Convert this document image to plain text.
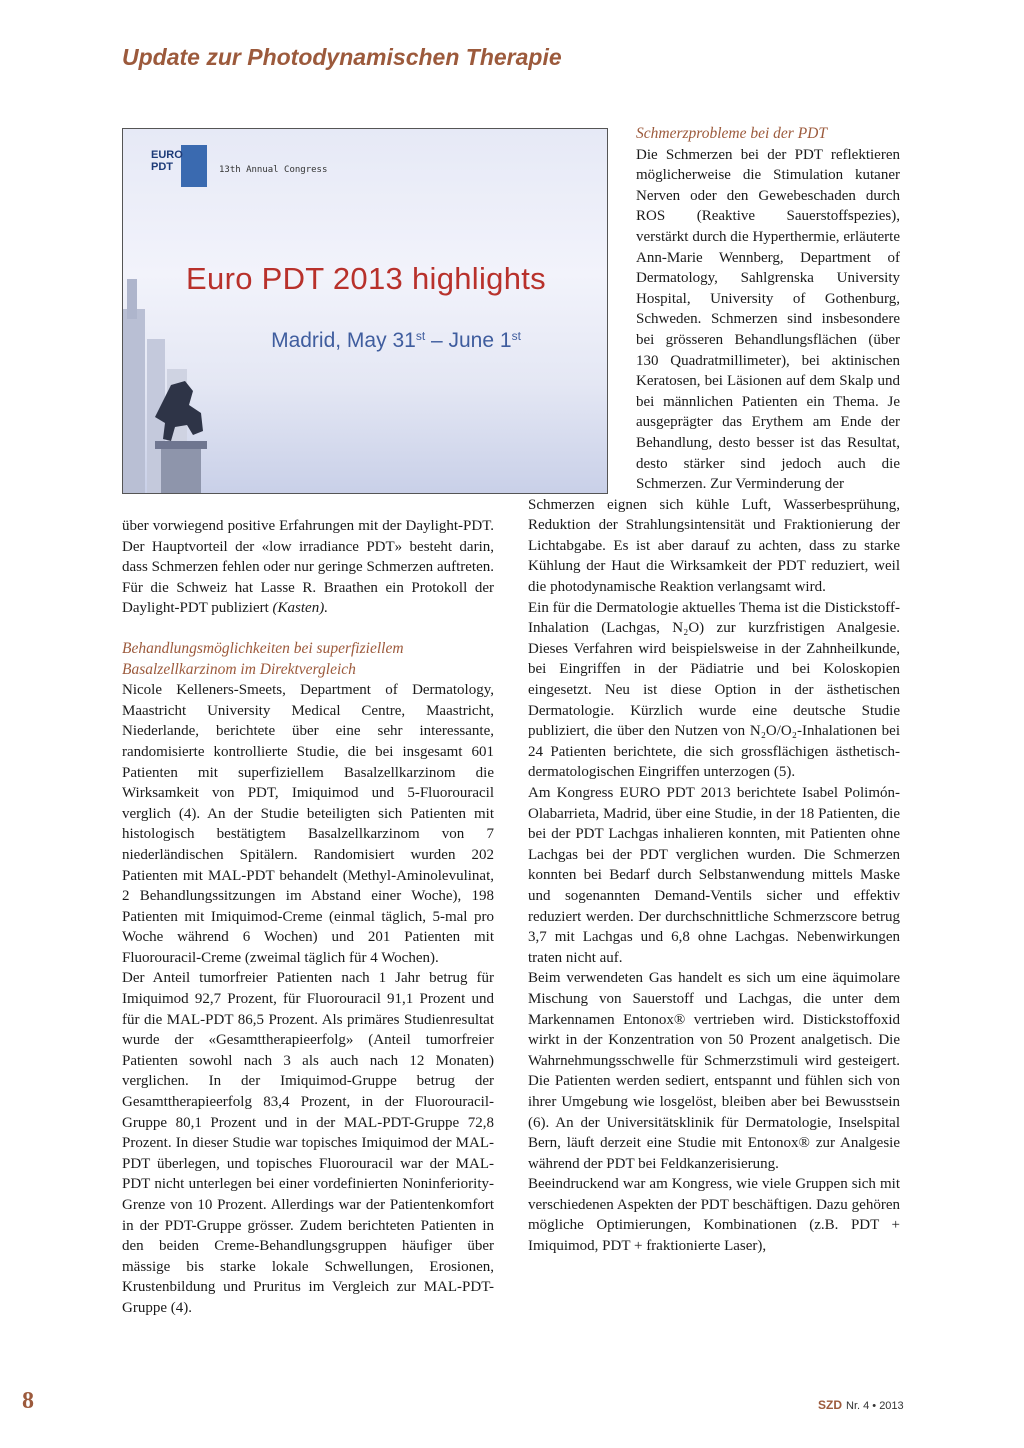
Update zur Photodynamischen Therapie
EURO
PDT	13th Annual Congress
Euro PDT 2013 highlights
Madrid, May 31st – June 1st
Schmerzprobleme bei der PDT

Die Schmerzen bei der PDT reflektieren möglicherweise die Stimulation kutaner Nerven oder den Gewebeschaden durch ROS (Reaktive Sauerstoffspezies), verstärkt durch die Hyperthermie, erläuterte Ann-Marie Wennberg, Department of Dermatology, Sahlgrenska University Hospital, University of Gothenburg, Schweden. Schmerzen sind insbesondere bei grösseren Behandlungsflächen (über 130 Quadratmillimeter), bei aktinischen Keratosen, bei Läsionen auf dem Skalp und bei männlichen Patienten ein Thema. Je ausgeprägter das Erythem am Ende der Behandlung, desto besser ist das Resultat, desto stärker sind jedoch auch die Schmerzen. Zur Verminderung der

Schmerzen eignen sich kühle Luft, Wasserbesprühung, Reduktion der Strahlungsintensität und Fraktionierung der Lichtabgabe. Es ist aber darauf zu achten, dass zu starke Kühlung der Haut die Wirksamkeit der PDT reduziert, weil die photodynamische Reaktion verlangsamt wird.

Ein für die Dermatologie aktuelles Thema ist die Distickstoff-Inhalation (Lachgas, N₂O) zur kurzfristigen Analgesie. Dieses Verfahren wird beispielsweise in der Zahnheilkunde, bei Eingriffen in der Pädiatrie und bei Koloskopien eingesetzt. Neu ist diese Option in der ästhetischen Dermatologie. Kürzlich wurde eine deutsche Studie publiziert, die über den Nutzen von N₂O/O₂-Inhalationen bei 24 Patienten berichtete, die sich grossflächigen ästhetisch-dermatologischen Eingriffen unterzogen (5).

Am Kongress EURO PDT 2013 berichtete Isabel Polimón-Olabarrieta, Madrid, über eine Studie, in der 18 Patienten, die bei der PDT Lachgas inhalieren konnten, mit Patienten ohne Lachgas bei der PDT verglichen wurden. Die Schmerzen konnten bei Bedarf durch Selbstanwendung mittels Maske und sogenannten Demand-Ventils sicher und effektiv reduziert werden. Der durchschnittliche Schmerzscore betrug 3,7 mit Lachgas und 6,8 ohne Lachgas. Nebenwirkungen traten nicht auf.

Beim verwendeten Gas handelt es sich um eine äquimolare Mischung von Sauerstoff und Lachgas, die unter dem Markennamen Entonox® vertrieben wird. Distickstoffoxid wirkt in der Konzentration von 50 Prozent analgetisch. Die Wahrnehmungsschwelle für Schmerzstimuli wird gesteigert. Die Patienten werden sediert, entspannt und fühlen sich von ihrer Umgebung wie losgelöst, bleiben aber bei Bewusstsein (6). An der Universitätsklinik für Dermatologie, Inselspital Bern, läuft derzeit eine Studie mit Entonox® zur Analgesie während der PDT bei Feldkanzerisierung.

Beeindruckend war am Kongress, wie viele Gruppen sich mit verschiedenen Aspekten der PDT beschäftigen. Dazu gehören mögliche Optimierungen, Kombinationen (z.B. PDT + Imiquimod, PDT + fraktionierte Laser),

über vorwiegend positive Erfahrungen mit der Daylight-PDT. Der Hauptvorteil der «low irradiance PDT» besteht darin, dass Schmerzen fehlen oder nur geringe Schmerzen auftreten. Für die Schweiz hat Lasse R. Braathen ein Protokoll der Daylight-PDT publiziert (Kasten).

Behandlungsmöglichkeiten bei superfiziellem Basalzellkarzinom im Direktvergleich

Nicole Kelleners-Smeets, Department of Dermatology, Maastricht University Medical Centre, Maastricht, Niederlande, berichtete über eine sehr interessante, randomisierte kontrollierte Studie, die bei insgesamt 601 Patienten mit superfiziellem Basalzellkarzinom die Wirksamkeit von PDT, Imiquimod und 5-Fluorouracil verglich (4). An der Studie beteiligten sich Patienten mit histologisch bestätigtem Basalzellkarzinom von 7 niederländischen Spitälern. Randomisiert wurden 202 Patienten mit MAL-PDT behandelt (Methyl-Aminolevulinat, 2 Behandlungssitzungen im Abstand einer Woche), 198 Patienten mit Imiquimod-Creme (einmal täglich, 5-mal pro Woche während 6 Wochen) und 201 Patienten mit Fluorouracil-Creme (zweimal täglich für 4 Wochen).

Der Anteil tumorfreier Patienten nach 1 Jahr betrug für Imiquimod 92,7 Prozent, für Fluorouracil 91,1 Prozent und für die MAL-PDT 86,5 Prozent. Als primäres Studienresultat wurde der «Gesamttherapieerfolg» (Anteil tumorfreier Patienten sowohl nach 3 als auch nach 12 Monaten) verglichen. In der Imiquimod-Gruppe betrug der Gesamttherapieerfolg 83,4 Prozent, in der Fluorouracil-Gruppe 80,1 Prozent und in der MAL-PDT-Gruppe 72,8 Prozent. In dieser Studie war topisches Imiquimod der MAL-PDT überlegen, und topisches Fluorouracil war der MAL-PDT nicht unterlegen bei einer vordefinierten Noninferiority-Grenze von 10 Prozent. Allerdings war der Patientenkomfort in der PDT-Gruppe grösser. Zudem berichteten Patienten in den beiden Creme-Behandlungsgruppen häufiger über mässige bis starke lokale Schwellungen, Erosionen, Krustenbildung und Pruritus im Vergleich zur MAL-PDT-Gruppe (4).

8	SZD Nr. 4 • 2013
